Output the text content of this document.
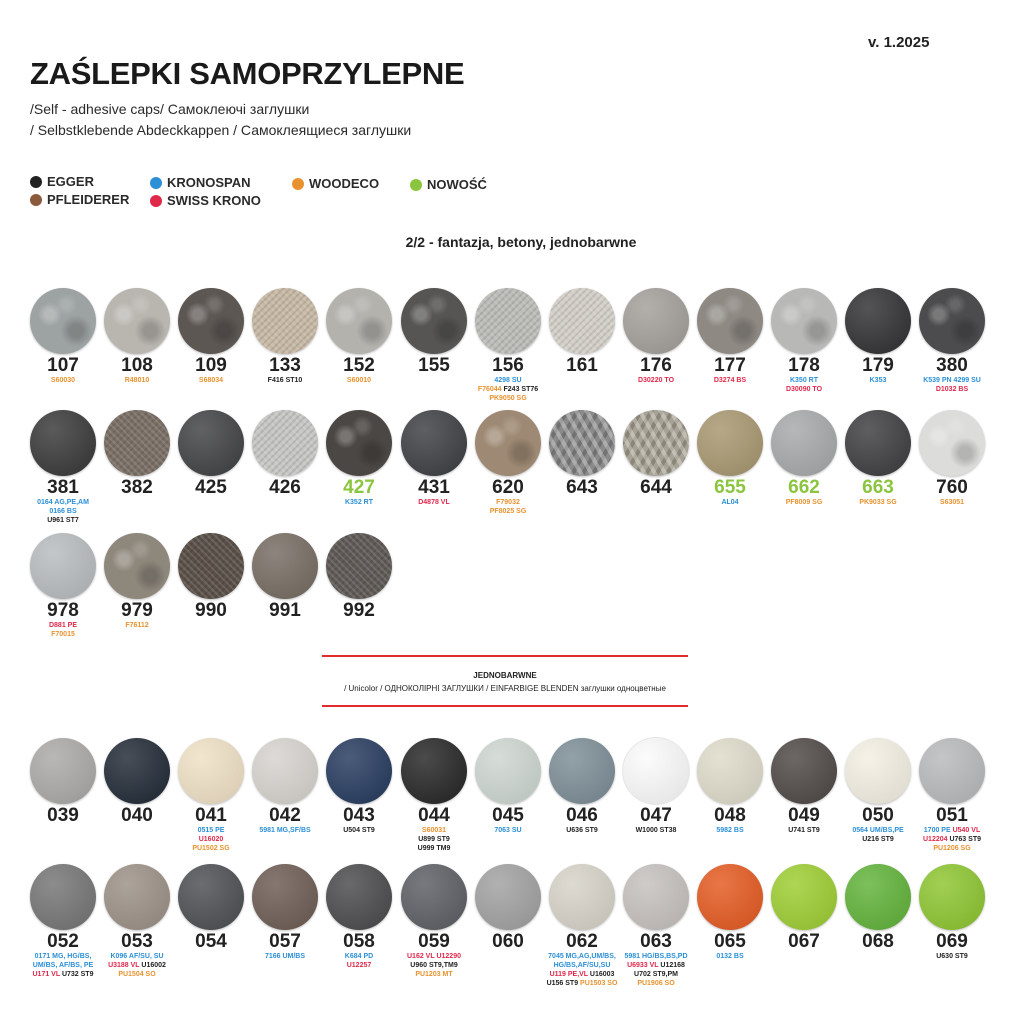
v. 1.2025
ZAŚLEPKI SAMOPRZYLEPNE
/Self - adhesive caps/ Самоклеючі заглушки
/ Selbstklebende Abdeckkappen / Самоклеящиеся заглушки
EGGER
PFLEIDERER
KRONOSPAN
SWISS KRONO
WOODECO	NOWOŚĆ
2/2 - fantazja, betony, jednobarwne
JEDNOBARWNE
/ Unicolor / ОДНОКОЛІРНІ ЗАГЛУШКИ / EINFARBIGE BLENDEN заглушки одноцветные
107
S60030
108
R48010
109
S68034
133
F416 ST10
152
S60010
155	156
4298 SU
F76044 F243 ST76
PK9050 SG
161	176
D30220 TO
177
D3274 BS
178
K350 RT
D30090 TO
179
K353
380
K539 PN 4299 SU
D1032 BS
381
0164 AG,PE,AM
0166 BS
U961 ST7
382	425	426	427
K352 RT
431
D4878 VL
620
F79032
PF8025 SG
643	644	655
AL04
662
PF8009 SG
663
PK9033 SG
760
S63051
978
D881 PE
F70015
979
F76112
990	991	992
039	040	041
0515 PE
U16020
PU1502 SG
042
5981 MG,SF/BS
043
U504 ST9
044
S60031
U899 ST9
U999 TM9
045
7063 SU
046
U636 ST9
047
W1000 ST38
048
5982 BS
049
U741 ST9
050
0564 UM/BS,PE
U216 ST9
051
1700 PE U540 VL
U12204 U763 ST9
PU1206 SG
052
0171 MG, HG/BS,
UM/BS, AF/BS, PE
U171 VL U732 ST9
053
K096 AF/SU, SU
U3188 VL U16002
PU1504 SO
054	057
7166 UM/BS
058
K684 PD
U12257
059
U162 VL U12290
U960 ST9,TM9
PU1203 MT
060	062
7045 MG,AG,UM/BS,
HG/BS,AF/SU,SU
U119 PE,VL U16003
U156 ST9 PU1503 SO
063
5981 HG/BS,BS,PD
U6933 VL U12168
U702 ST9,PM
PU1906 SO
065
0132 BS
067	068	069
U630 ST9
